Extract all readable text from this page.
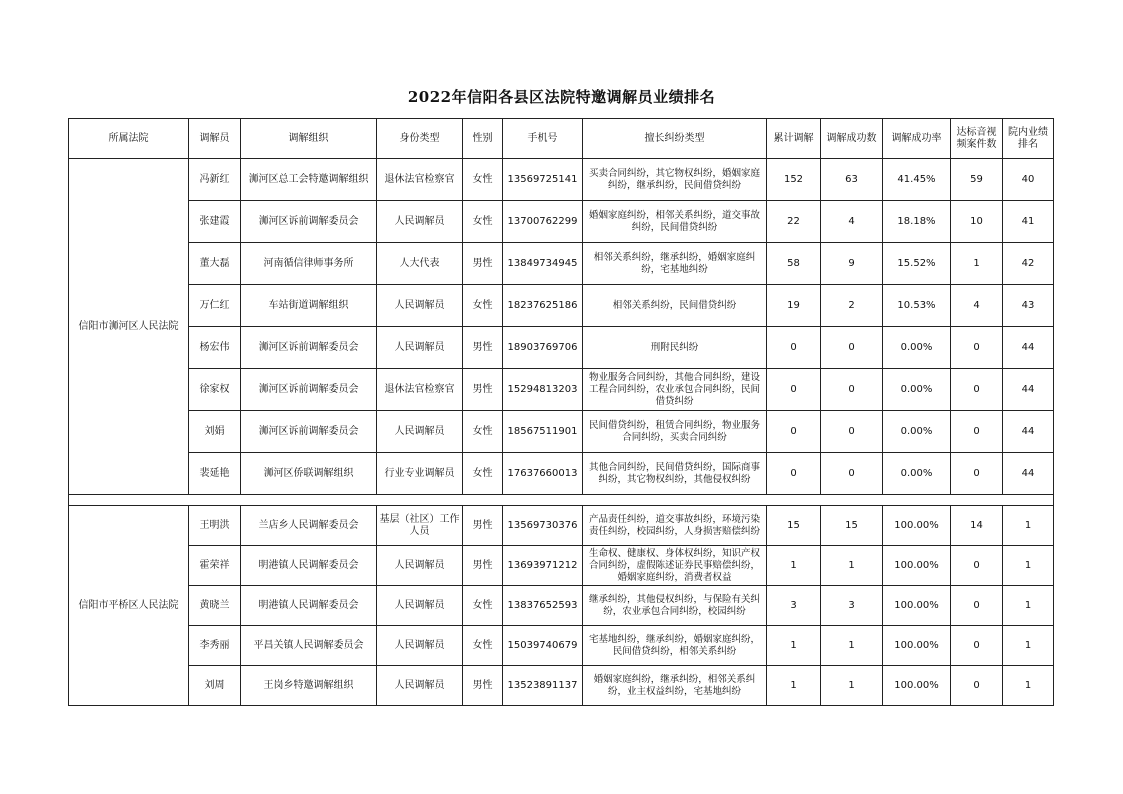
2022年信阳各县区法院特邀调解员业绩排名
所属法院	调解员	调解组织	身份类型	性别	手机号	擅长纠纷类型	累计调解	调解成功数	调解成功率	达标音视频案件数	院内业绩排名
信阳市浉河区人民法院	冯新红	浉河区总工会特邀调解组织	退休法官检察官	女性	13569725141	买卖合同纠纷，其它物权纠纷，婚姻家庭纠纷，继承纠纷，民间借贷纠纷	152	63	41.45%	59	40
	张建霞	浉河区诉前调解委员会	人民调解员	女性	13700762299	婚姻家庭纠纷，相邻关系纠纷，道交事故纠纷，民间借贷纠纷	22	4	18.18%	10	41
	董大磊	河南循信律师事务所	人大代表	男性	13849734945	相邻关系纠纷，继承纠纷，婚姻家庭纠纷，宅基地纠纷	58	9	15.52%	1	42
	万仁红	车站街道调解组织	人民调解员	女性	18237625186	相邻关系纠纷，民间借贷纠纷	19	2	10.53%	4	43
	杨宏伟	浉河区诉前调解委员会	人民调解员	男性	18903769706	刑附民纠纷	0	0	0.00%	0	44
	徐家权	浉河区诉前调解委员会	退休法官检察官	男性	15294813203	物业服务合同纠纷，其他合同纠纷，建设工程合同纠纷，农业承包合同纠纷，民间借贷纠纷	0	0	0.00%	0	44
	刘娟	浉河区诉前调解委员会	人民调解员	女性	18567511901	民间借贷纠纷，租赁合同纠纷，物业服务合同纠纷，买卖合同纠纷	0	0	0.00%	0	44
	裴延艳	浉河区侨联调解组织	行业专业调解员	女性	17637660013	其他合同纠纷，民间借贷纠纷，国际商事纠纷，其它物权纠纷，其他侵权纠纷	0	0	0.00%	0	44

信阳市平桥区人民法院	王明洪	兰店乡人民调解委员会	基层（社区）工作人员	男性	13569730376	产品责任纠纷，道交事故纠纷，环境污染责任纠纷，校园纠纷，人身损害赔偿纠纷	15	15	100.00%	14	1
	霍荣祥	明港镇人民调解委员会	人民调解员	男性	13693971212	生命权、健康权、身体权纠纷，知识产权合同纠纷，虚假陈述证券民事赔偿纠纷，婚姻家庭纠纷，消费者权益	1	1	100.00%	0	1
	黄晓兰	明港镇人民调解委员会	人民调解员	女性	13837652593	继承纠纷，其他侵权纠纷，与保险有关纠纷，农业承包合同纠纷，校园纠纷	3	3	100.00%	0	1
	李秀丽	平昌关镇人民调解委员会	人民调解员	女性	15039740679	宅基地纠纷，继承纠纷，婚姻家庭纠纷，民间借贷纠纷，相邻关系纠纷	1	1	100.00%	0	1
	刘周	王岗乡特邀调解组织	人民调解员	男性	13523891137	婚姻家庭纠纷，继承纠纷，相邻关系纠纷，业主权益纠纷，宅基地纠纷	1	1	100.00%	0	1
